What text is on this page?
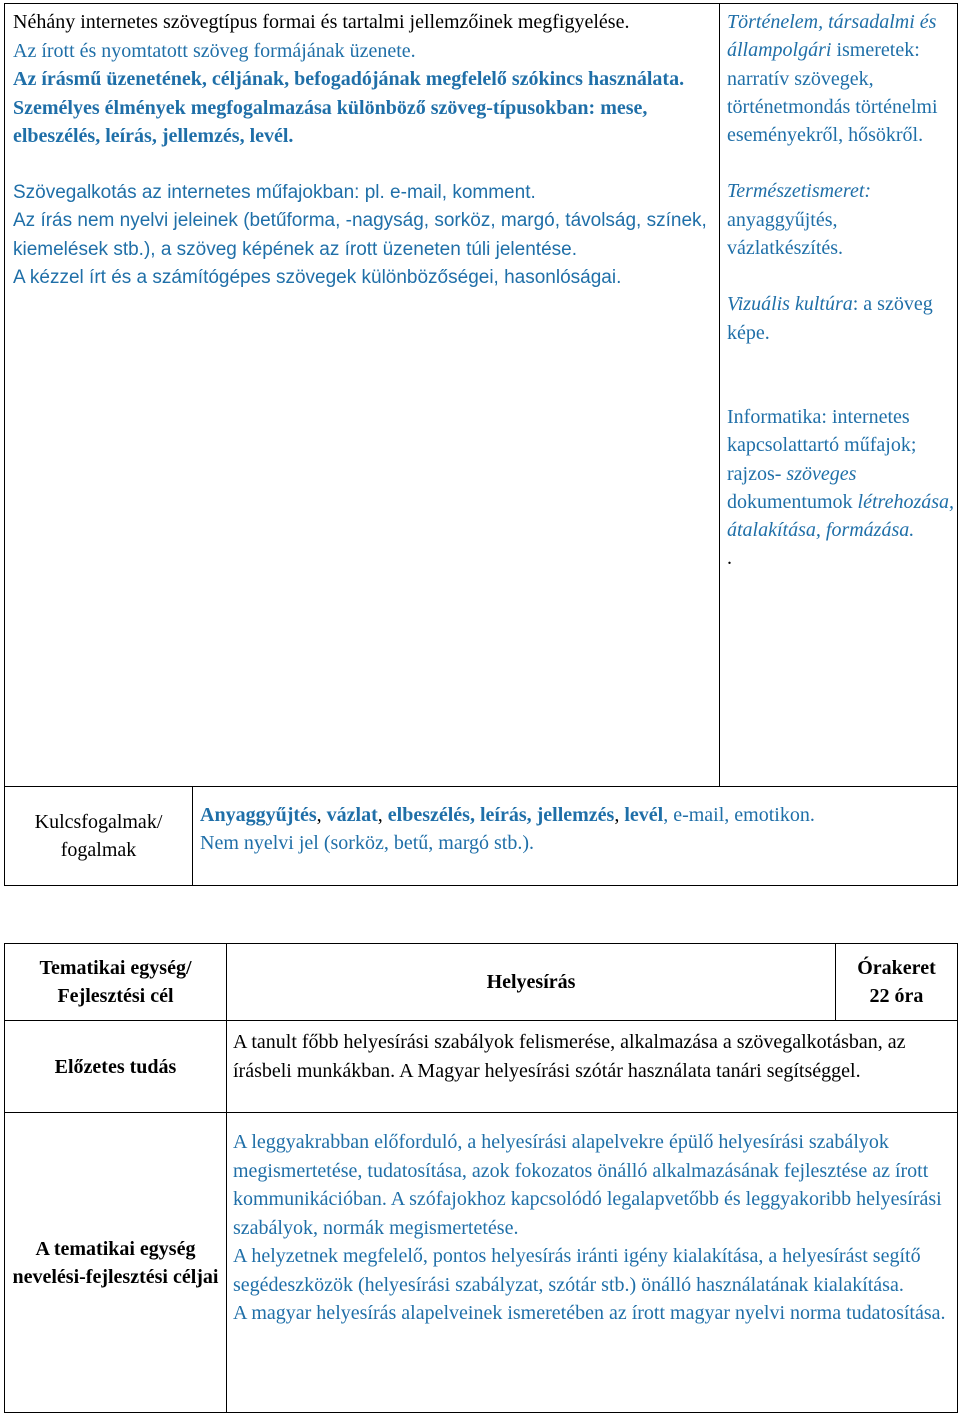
Néhány internetes szövegtípus formai és tartalmi jellemzőinek megfigyelése.

Az írott és nyomtatott szöveg formájának üzenete.

Az írásmű üzenetének, céljának, befogadójának megfelelő szókincs használata.

Személyes élmények megfogalmazása különböző szöveg-típusokban: mese, elbeszélés, leírás, jellemzés, levél.

Szövegalkotás az internetes műfajokban: pl. e-mail, komment.

Az írás nem nyelvi jeleinek (betűforma, -nagyság, sorköz, margó, távolság, színek, kiemelések stb.), a szöveg képének az írott üzeneten túli jelentése.

A kézzel írt és a számítógépes szövegek különbözőségei, hasonlóságai.

Történelem, társadalmi és állampolgári ismeretek: narratív szövegek, történetmondás történelmi eseményekről, hősökről.

Természetismeret: anyaggyűjtés, vázlatkészítés.

Vizuális kultúra: a szöveg képe.

Informatika: internetes kapcsolattartó műfajok; rajzos- szöveges dokumentumok létrehozása, átalakítása, formázása.

.

Kulcsfogalmak/ fogalmak

Anyaggyűjtés, vázlat, elbeszélés, leírás, jellemzés, levél, e-mail, emotikon.

Nem nyelvi jel (sorköz, betű, margó stb.).

Tematikai egység/ Fejlesztési cél
Helyesírás
Órakeret
22 óra
Előzetes tudás

A tanult főbb helyesírási szabályok felismerése, alkalmazása a szövegalkotásban, az írásbeli munkákban. A Magyar helyesírási szótár használata tanári segítséggel.

A tematikai egység nevelési-fejlesztési céljai

A leggyakrabban előforduló, a helyesírási alapelvekre épülő helyesírási szabályok megismertetése, tudatosítása, azok fokozatos önálló alkalmazásának fejlesztése az írott kommunikációban. A szófajokhoz kapcsolódó legalapvetőbb és leggyakoribb helyesírási szabályok, normák megismertetése.

A helyzetnek megfelelő, pontos helyesírás iránti igény kialakítása, a helyesírást segítő segédeszközök (helyesírási szabályzat, szótár stb.) önálló használatának kialakítása.

A magyar helyesírás alapelveinek ismeretében az írott magyar nyelvi norma tudatosítása.
